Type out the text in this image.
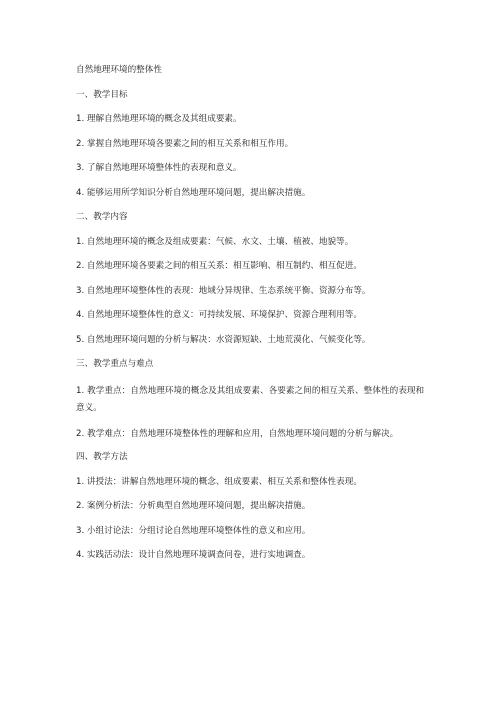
自然地理环境的整体性

一、教学目标

1. 理解自然地理环境的概念及其组成要素。

2. 掌握自然地理环境各要素之间的相互关系和相互作用。

3. 了解自然地理环境整体性的表现和意义。

4. 能够运用所学知识分析自然地理环境问题，提出解决措施。

二、教学内容

1. 自然地理环境的概念及组成要素：气候、水文、土壤、植被、地貌等。

2. 自然地理环境各要素之间的相互关系：相互影响、相互制约、相互促进。

3. 自然地理环境整体性的表现：地域分异规律、生态系统平衡、资源分布等。

4. 自然地理环境整体性的意义：可持续发展、环境保护、资源合理利用等。

5. 自然地理环境问题的分析与解决：水资源短缺、土地荒漠化、气候变化等。

三、教学重点与难点

1. 教学重点：自然地理环境的概念及其组成要素、各要素之间的相互关系、整体性的表现和意义。

2. 教学难点：自然地理环境整体性的理解和应用，自然地理环境问题的分析与解决。

四、教学方法

1. 讲授法：讲解自然地理环境的概念、组成要素、相互关系和整体性表现。

2. 案例分析法：分析典型自然地理环境问题，提出解决措施。

3. 小组讨论法：分组讨论自然地理环境整体性的意义和应用。

4. 实践活动法：设计自然地理环境调查问卷，进行实地调查。
